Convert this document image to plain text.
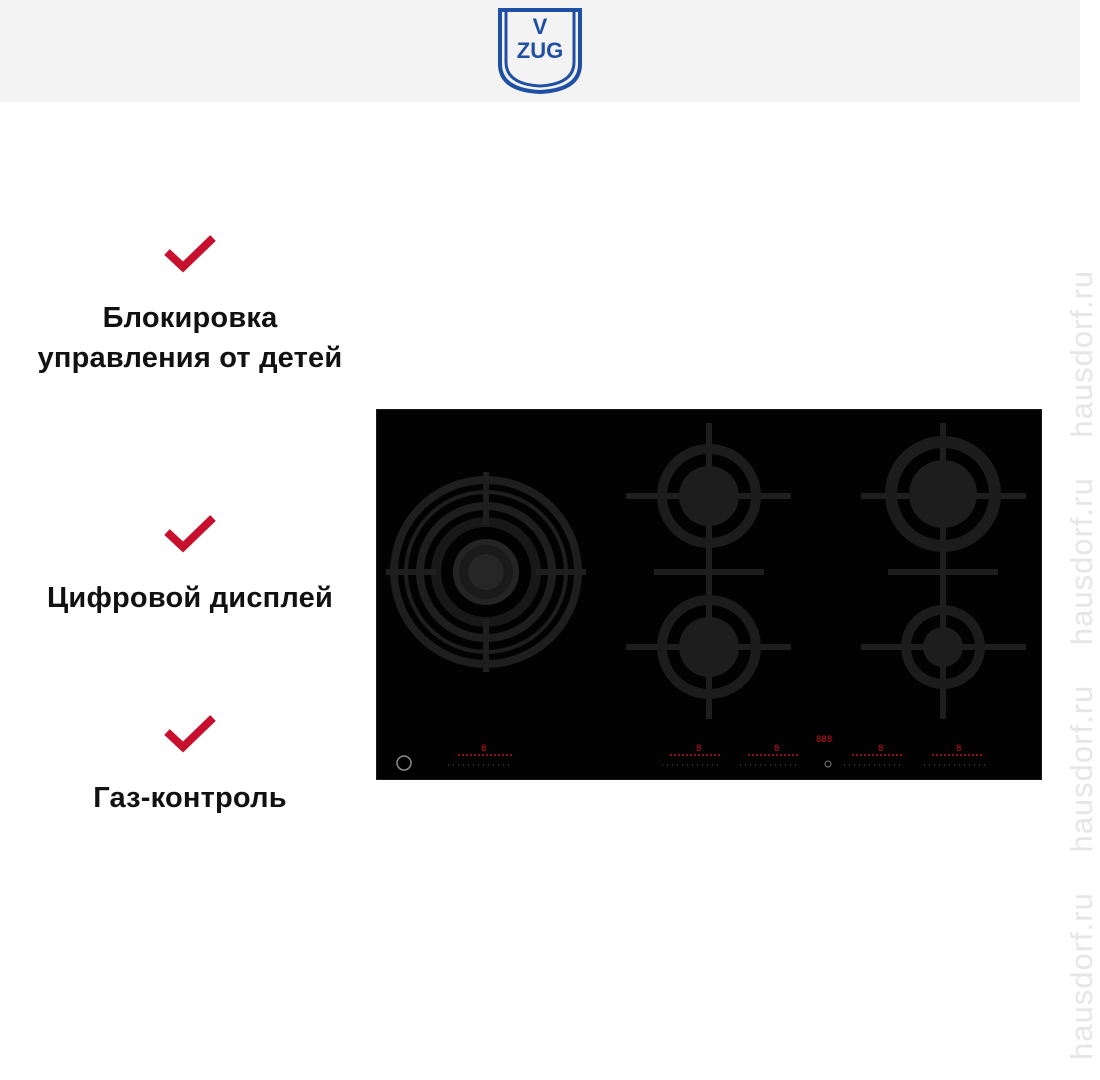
V
ZUG
Блокировка управления от детей
Цифровой дисплей
Газ-контроль
8	8	8
888
8	8
hausdorf.ru hausdorf.ru hausdorf.ru hausdorf.ru
